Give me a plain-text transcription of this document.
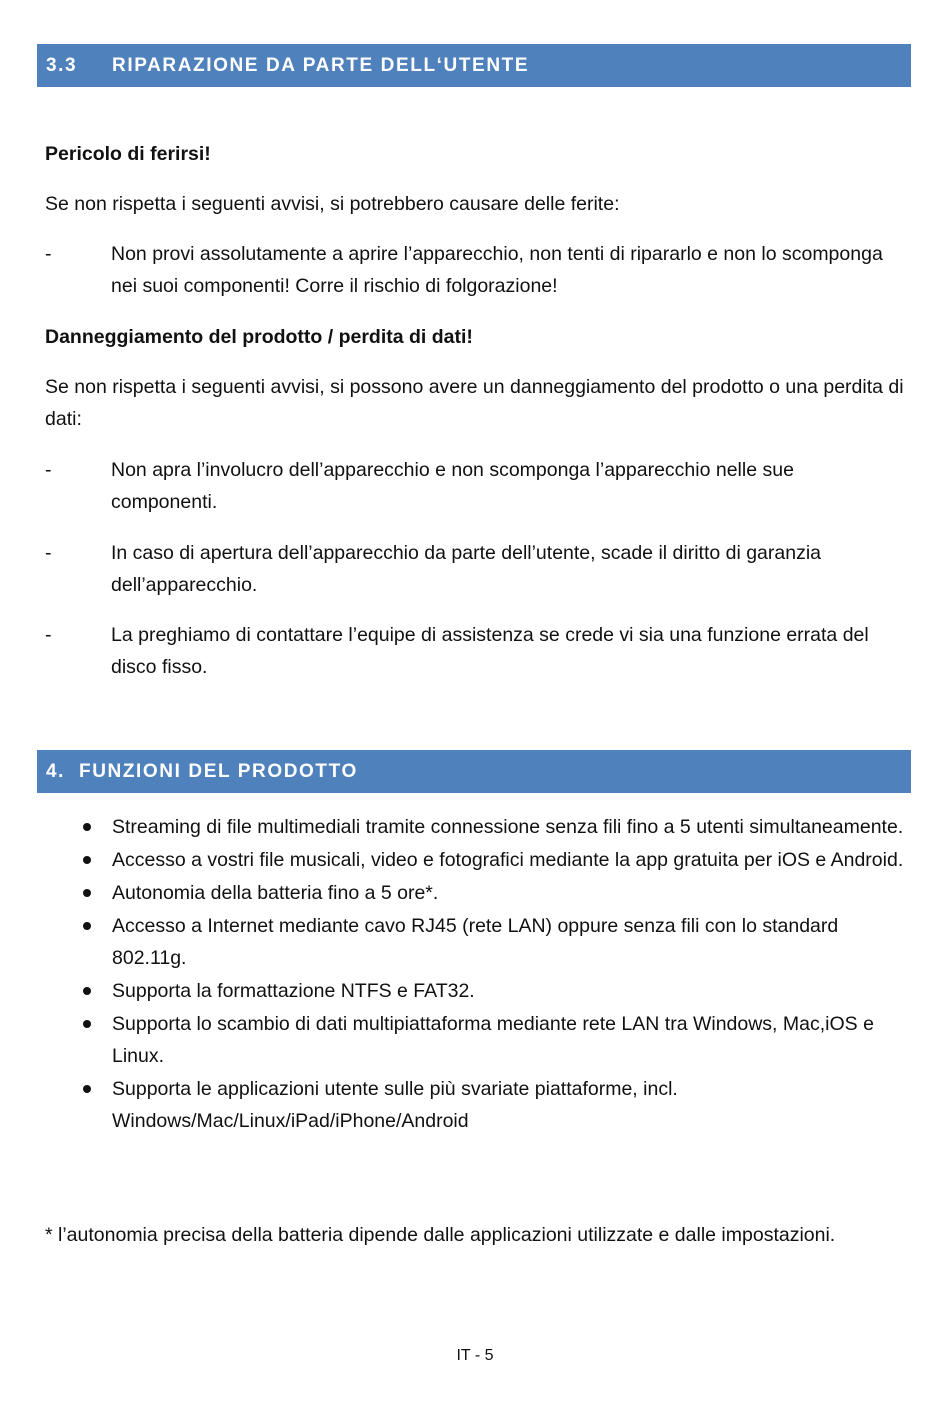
3.3 RIPARAZIONE DA PARTE DELL‘UTENTE

Pericolo di ferirsi!

Se non rispetta i seguenti avvisi, si potrebbero causare delle ferite:

-	Non provi assolutamente a aprire l’apparecchio, non tenti di ripararlo e non lo scomponga nei suoi componenti! Corre il rischio di folgorazione!

Danneggiamento del prodotto / perdita di dati!

Se non rispetta i seguenti avvisi, si possono avere un danneggiamento del prodotto o una perdita di dati:

-	Non apra l’involucro dell’apparecchio e non scomponga l’apparecchio nelle sue componenti.
-	In caso di apertura dell’apparecchio da parte dell’utente, scade il diritto di garanzia dell’apparecchio.
-	La preghiamo di contattare l’equipe di assistenza se crede vi sia una funzione errata del disco fisso.
4. FUNZIONI DEL PRODOTTO
Streaming di file multimediali tramite connessione senza fili fino a 5 utenti simultaneamente.
Accesso a vostri file musicali, video e fotografici mediante la app gratuita per iOS e Android.
Autonomia della batteria fino a 5 ore*.
Accesso a Internet mediante cavo RJ45 (rete LAN) oppure senza fili con lo standard 802.11g.
Supporta la formattazione NTFS e FAT32.
Supporta lo scambio di dati multipiattaforma mediante rete LAN tra Windows, Mac,iOS e Linux.
Supporta le applicazioni utente sulle più svariate piattaforme, incl. Windows/Mac/Linux/iPad/iPhone/Android

* l’autonomia precisa della batteria dipende dalle applicazioni utilizzate e dalle impostazioni.

IT - 5
